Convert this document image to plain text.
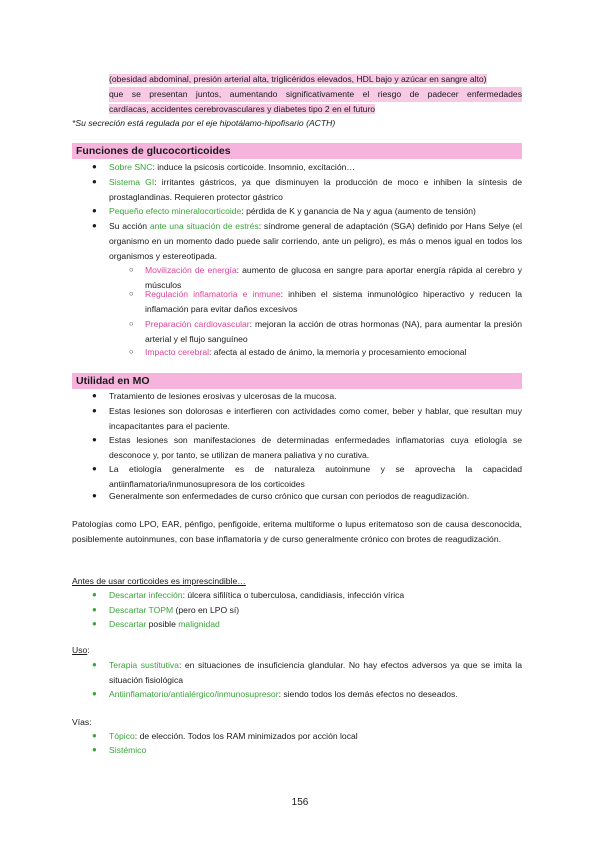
(obesidad abdominal, presión arterial alta, triglicéridos elevados, HDL bajo y azúcar en sangre alto)
que se presentan juntos, aumentando significativamente el riesgo de padecer enfermedades
cardíacas, accidentes cerebrovasculares y diabetes tipo 2 en el futuro
*Su secreción está regulada por el eje hipotálamo-hipofisario (ACTH)
Funciones de glucocorticoides
● Sobre SNC: induce la psicosis corticoide. Insomnio, excitación…
● Sistema GI: irritantes gástricos, ya que disminuyen la producción de moco e inhiben la síntesis de prostaglandinas. Requieren protector gástrico
● Pequeño efecto mineralocorticoide: pérdida de K y ganancia de Na y agua (aumento de tensión)
● Su acción ante una situación de estrés: síndrome general de adaptación (SGA) definido por Hans Selye (el organismo en un momento dado puede salir corriendo, ante un peligro), es más o menos igual en todos los organismos y estereotipada.
○ Movilización de energía: aumento de glucosa en sangre para aportar energía rápida al cerebro y músculos
○ Regulación inflamatoria e inmune: inhiben el sistema inmunológico hiperactivo y reducen la inflamación para evitar daños excesivos
○ Preparación cardiovascular: mejoran la acción de otras hormonas (NA), para aumentar la presión arterial y el flujo sanguíneo
○ Impacto cerebral: afecta al estado de ánimo, la memoria y procesamiento emocional
Utilidad en MO
● Tratamiento de lesiones erosivas y ulcerosas de la mucosa.
● Estas lesiones son dolorosas e interfieren con actividades como comer, beber y hablar, que resultan muy incapacitantes para el paciente.
● Estas lesiones son manifestaciones de determinadas enfermedades inflamatorias cuya etiología se desconoce y, por tanto, se utilizan de manera paliativa y no curativa.
● La etiología generalmente es de naturaleza autoinmune y se aprovecha la capacidad antiinflamatoria/inmunosupresora de los corticoides
● Generalmente son enfermedades de curso crónico que cursan con periodos de reagudización.
Patologías como LPO, EAR, pénfigo, penfigoide, eritema multiforme o lupus eritematoso son de causa desconocida, posiblemente autoinmunes, con base inflamatoria y de curso generalmente crónico con brotes de reagudización.
Antes de usar corticoides es imprescindible…
● Descartar infección: úlcera sifilítica o tuberculosa, candidiasis, infección vírica
● Descartar TOPM (pero en LPO sí)
● Descartar posible malignidad
Uso:
● Terapia sustitutiva: en situaciones de insuficiencia glandular. No hay efectos adversos ya que se imita la situación fisiológica
● Antiinflamatorio/antialérgico/inmunosupresor: siendo todos los demás efectos no deseados.
Vías:
● Tópico: de elección. Todos los RAM minimizados por acción local
● Sistémico
156
